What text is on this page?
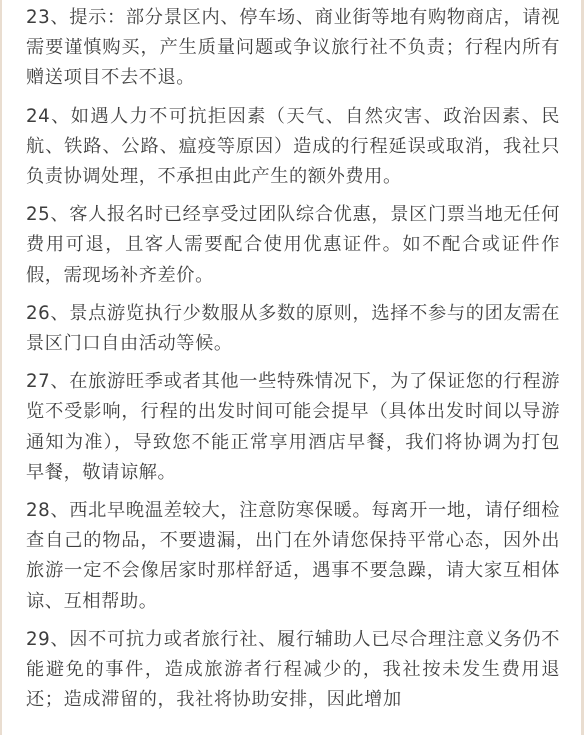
23、提示：部分景区内、停车场、商业街等地有购物商店，请视需要谨慎购买，产生质量问题或争议旅行社不负责；行程内所有赠送项目不去不退。

24、如遇人力不可抗拒因素（天气、自然灾害、政治因素、民航、铁路、公路、瘟疫等原因）造成的行程延误或取消，我社只负责协调处理，不承担由此产生的额外费用。

25、客人报名时已经享受过团队综合优惠，景区门票当地无任何费用可退，且客人需要配合使用优惠证件。如不配合或证件作假，需现场补齐差价。

26、景点游览执行少数服从多数的原则，选择不参与的团友需在景区门口自由活动等候。

27、在旅游旺季或者其他一些特殊情况下，为了保证您的行程游览不受影响，行程的出发时间可能会提早（具体出发时间以导游通知为准），导致您不能正常享用酒店早餐，我们将协调为打包早餐，敬请谅解。

28、西北早晚温差较大，注意防寒保暖。每离开一地，请仔细检查自己的物品，不要遗漏，出门在外请您保持平常心态，因外出旅游一定不会像居家时那样舒适，遇事不要急躁，请大家互相体谅、互相帮助。

29、因不可抗力或者旅行社、履行辅助人已尽合理注意义务仍不能避免的事件，造成旅游者行程减少的，我社按未发生费用退还；造成滞留的，我社将协助安排，因此增加
